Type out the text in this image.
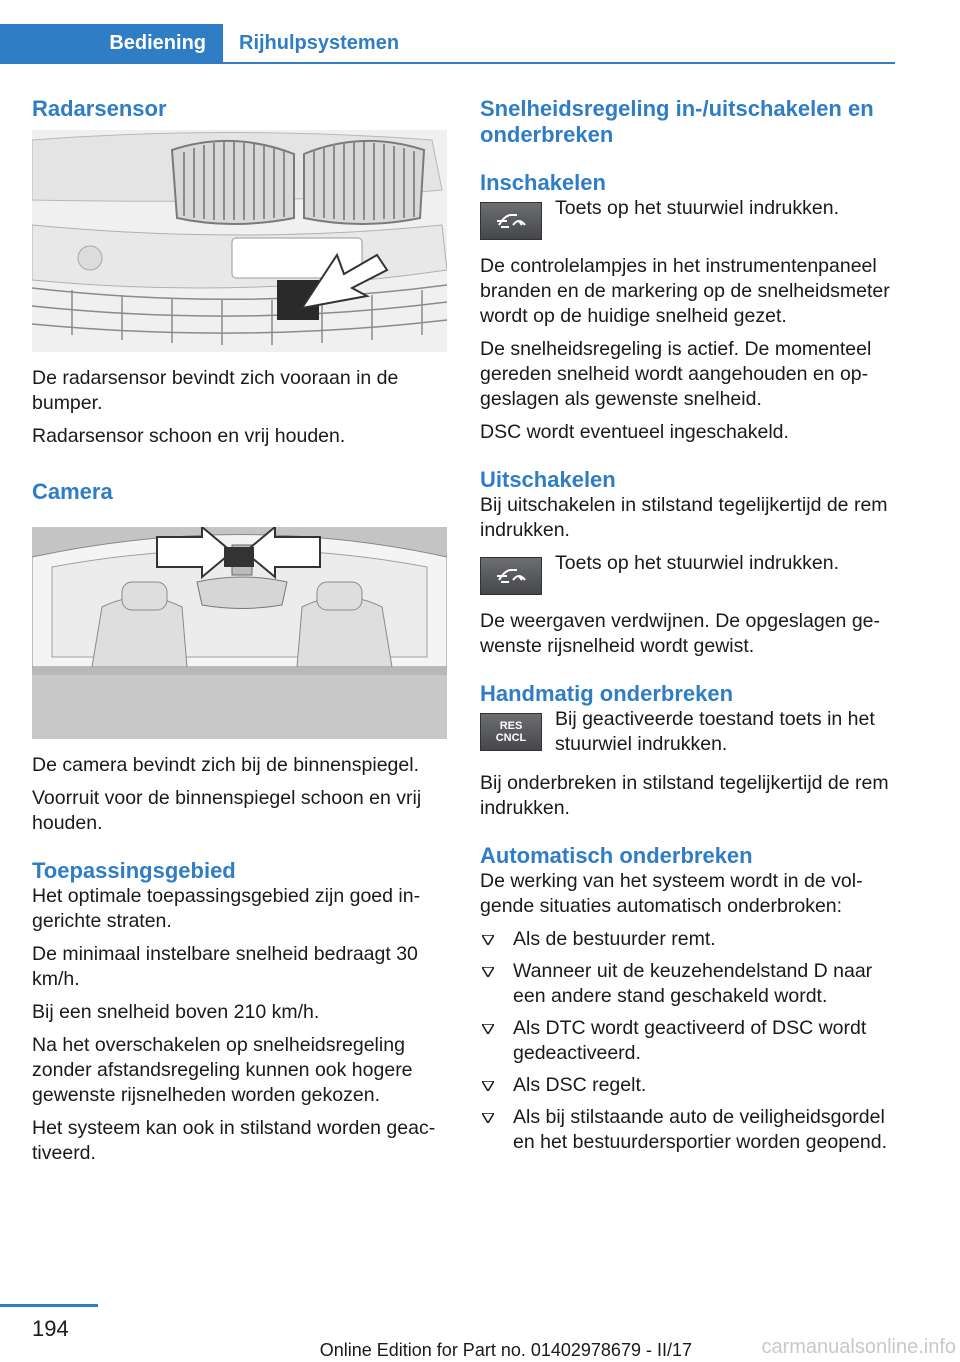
Bediening	Rijhulpsystemen
Radarsensor

De radarsensor bevindt zich vooraan in de bumper.

Radarsensor schoon en vrij houden.

Camera

De camera bevindt zich bij de binnenspiegel.

Voorruit voor de binnenspiegel schoon en vrij houden.

Toepassingsgebied

Het optimale toepassingsgebied zijn goed ingerichte straten.

De minimaal instelbare snelheid bedraagt 30 km/h.

Bij een snelheid boven 210 km/h.

Na het overschakelen op snelheidsregeling zonder afstandsregeling kunnen ook hogere gewenste rijsnelheden worden gekozen.

Het systeem kan ook in stilstand worden geactiveerd.

Snelheidsregeling in-/uitschakelen en onderbreken
Inschakelen
Toets op het stuurwiel indrukken.

De controlelampjes in het instrumentenpaneel branden en de markering op de snelheidsmeter wordt op de huidige snelheid gezet.

De snelheidsregeling is actief. De momenteel gereden snelheid wordt aangehouden en opgeslagen als gewenste snelheid.

DSC wordt eventueel ingeschakeld.

Uitschakelen

Bij uitschakelen in stilstand tegelijkertijd de rem indrukken.

Toets op het stuurwiel indrukken.

De weergaven verdwijnen. De opgeslagen gewenste rijsnelheid wordt gewist.

Handmatig onderbreken
RES
CNCL
Bij geactiveerde toestand toets in het stuurwiel indrukken.

Bij onderbreken in stilstand tegelijkertijd de rem indrukken.

Automatisch onderbreken

De werking van het systeem wordt in de volgende situaties automatisch onderbroken:

Als de bestuurder remt.
Wanneer uit de keuzehendelstand D naar een andere stand geschakeld wordt.
Als DTC wordt geactiveerd of DSC wordt gedeactiveerd.
Als DSC regelt.
Als bij stilstaande auto de veiligheidsgordel en het bestuurdersportier worden geopend.
194
Online Edition for Part no. 01402978679 - II/17	carmanualsonline.info
